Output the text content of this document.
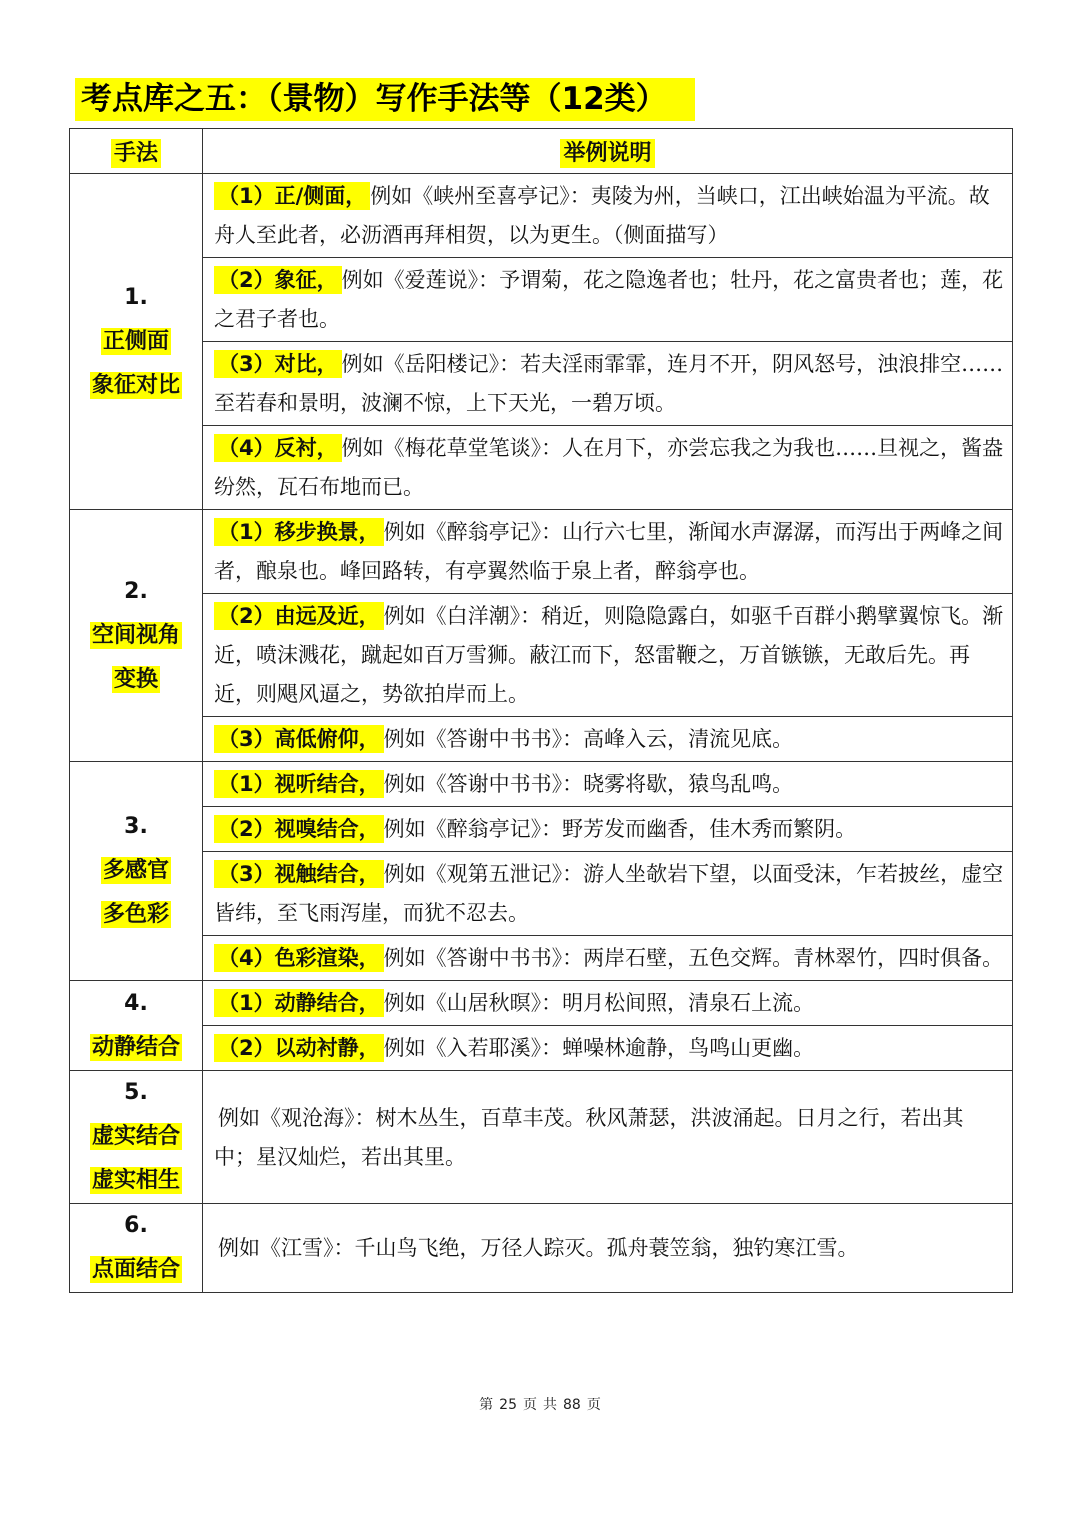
考点库之五：（景物）写作手法等（12类）
手法	举例说明

1.
正侧面
象征对比	（1）正/侧面， 例如《峡州至喜亭记》：夷陵为州，当峡口，江出峡始温为平流。故舟人至此者，必沥酒再拜相贺，以为更生。（侧面描写）
	（2）象征， 例如《爱莲说》：予谓菊，花之隐逸者也；牡丹，花之富贵者也；莲，花之君子者也。
	（3）对比， 例如《岳阳楼记》：若夫淫雨霏霏，连月不开，阴风怒号，浊浪排空……至若春和景明，波澜不惊，上下天光，一碧万顷。
	（4）反衬， 例如《梅花草堂笔谈》：人在月下，亦尝忘我之为我也……旦视之，酱盎纷然，瓦石布地而已。

2.
空间视角
变换	（1）移步换景， 例如《醉翁亭记》：山行六七里，渐闻水声潺潺，而泻出于两峰之间者，酿泉也。峰回路转，有亭翼然临于泉上者，醉翁亭也。
	（2）由远及近， 例如《白洋潮》：稍近，则隐隐露白，如驱千百群小鹅擘翼惊飞。渐近，喷沫溅花，蹴起如百万雪狮。蔽江而下，怒雷鞭之，万首镞镞，无敢后先。再近，则飓风逼之，势欲拍岸而上。
	（3）高低俯仰， 例如《答谢中书书》：高峰入云，清流见底。

3.
多感官
多色彩	（1）视听结合， 例如《答谢中书书》：晓雾将歇，猿鸟乱鸣。
	（2）视嗅结合， 例如《醉翁亭记》：野芳发而幽香，佳木秀而繁阴。
	（3）视触结合， 例如《观第五泄记》：游人坐欹岩下望，以面受沫，乍若披丝，虚空皆纬，至飞雨泻崖，而犹不忍去。
	（4）色彩渲染， 例如《答谢中书书》：两岸石壁，五色交辉。青林翠竹，四时俱备。

4.
动静结合	（1）动静结合， 例如《山居秋暝》：明月松间照，清泉石上流。
	（2）以动衬静， 例如《入若耶溪》：蝉噪林逾静，鸟鸣山更幽。

5.
虚实结合
虚实相生	例如《观沧海》：树木丛生，百草丰茂。秋风萧瑟，洪波涌起。日月之行，若出其中；星汉灿烂，若出其里。

6.
点面结合	例如《江雪》：千山鸟飞绝，万径人踪灭。孤舟蓑笠翁，独钓寒江雪。
第 25 页 共 88 页
